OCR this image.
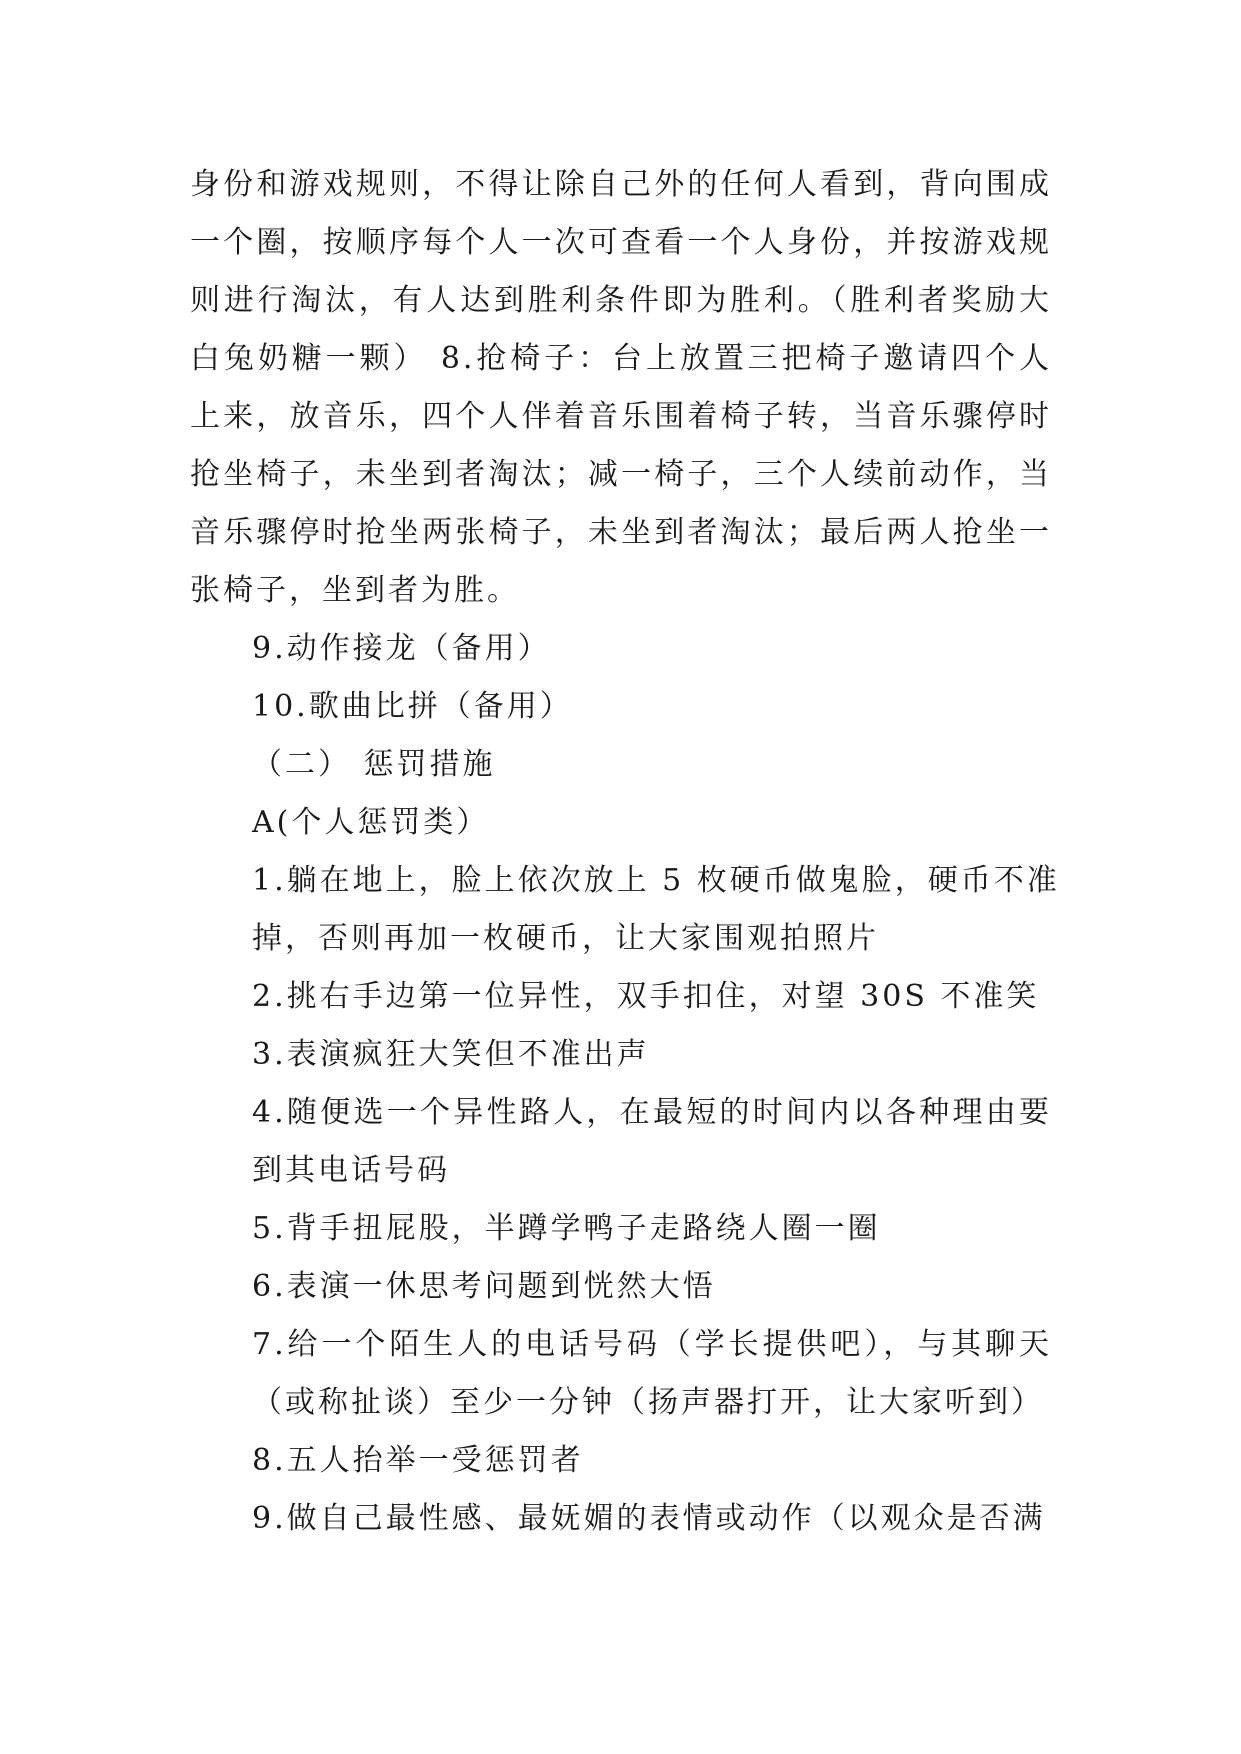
身份和游戏规则，不得让除自己外的任何人看到，背向围成
一个圈，按顺序每个人一次可查看一个人身份，并按游戏规
则进行淘汰，有人达到胜利条件即为胜利。（胜利者奖励大
白兔奶糖一颗） 8.抢椅子：台上放置三把椅子邀请四个人
上来，放音乐，四个人伴着音乐围着椅子转，当音乐骤停时
抢坐椅子，未坐到者淘汰；减一椅子，三个人续前动作，当
音乐骤停时抢坐两张椅子，未坐到者淘汰；最后两人抢坐一
张椅子，坐到者为胜。

9.动作接龙（备用）

10.歌曲比拼（备用）

（二） 惩罚措施

A(个人惩罚类）

1.躺在地上，脸上依次放上 5 枚硬币做鬼脸，硬币不准
掉，否则再加一枚硬币，让大家围观拍照片

2.挑右手边第一位异性，双手扣住，对望 30S 不准笑

3.表演疯狂大笑但不准出声

4.随便选一个异性路人，在最短的时间内以各种理由要
到其电话号码

5.背手扭屁股，半蹲学鸭子走路绕人圈一圈

6.表演一休思考问题到恍然大悟

7.给一个陌生人的电话号码（学长提供吧），与其聊天
（或称扯谈）至少一分钟（扬声器打开，让大家听到）

8.五人抬举一受惩罚者

9.做自己最性感、最妩媚的表情或动作（以观众是否满
